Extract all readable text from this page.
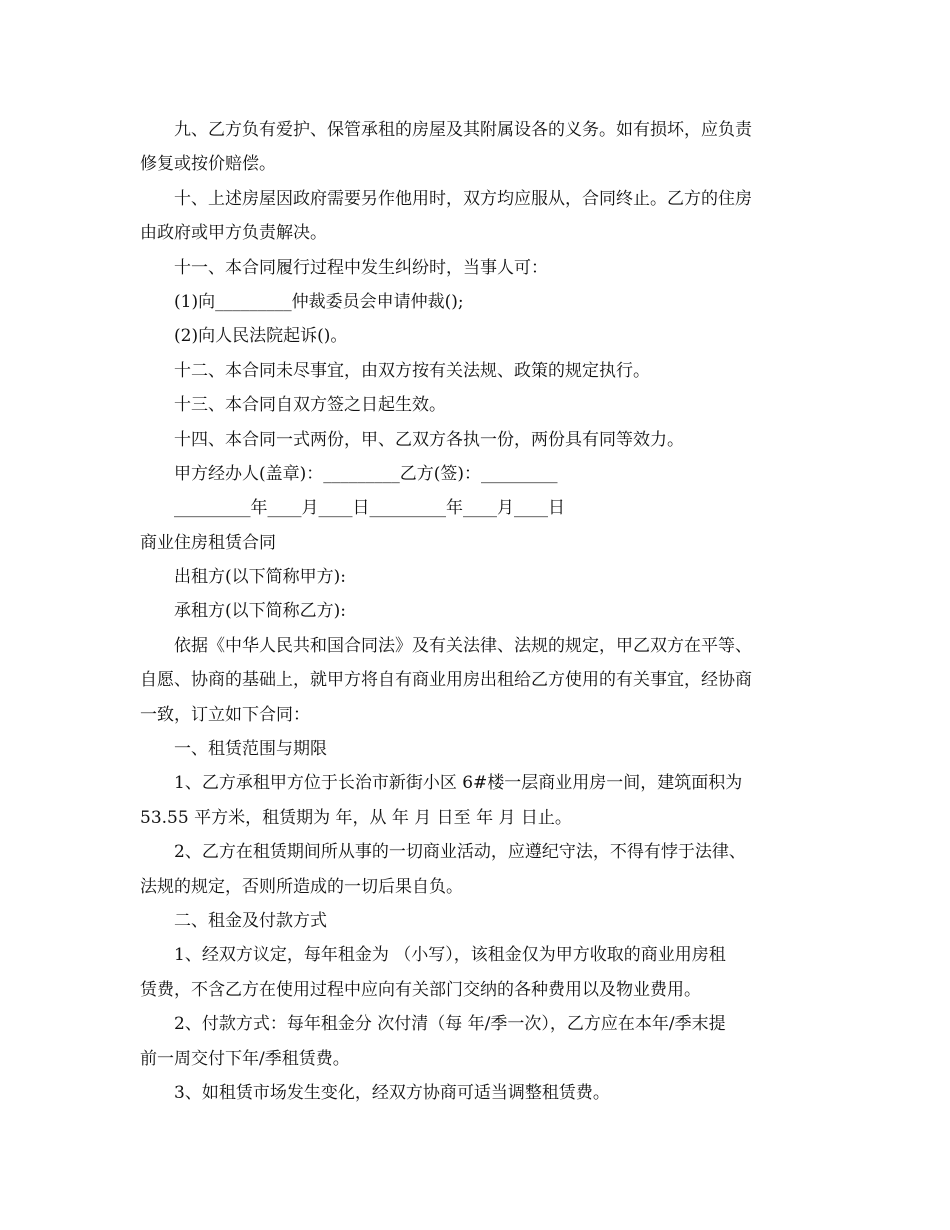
九、乙方负有爱护、保管承租的房屋及其附属设各的义务。如有损坏，应负责
修复或按价赔偿。
十、上述房屋因政府需要另作他用时，双方均应服从，合同终止。乙方的住房
由政府或甲方负责解决。
十一、本合同履行过程中发生纠纷时，当事人可：
(1)向_________仲裁委员会申请仲裁();
(2)向人民法院起诉()。
十二、本合同未尽事宜，由双方按有关法规、政策的规定执行。
十三、本合同自双方签之日起生效。
十四、本合同一式两份，甲、乙双方各执一份，两份具有同等效力。
甲方经办人(盖章)：_________乙方(签)：_________
_________年____月____日_________年____月____日
商业住房租赁合同
出租方(以下简称甲方):
承租方(以下简称乙方):
依据《中华人民共和国合同法》及有关法律、法规的规定，甲乙双方在平等、
自愿、协商的基础上，就甲方将自有商业用房出租给乙方使用的有关事宜，经协商
一致，订立如下合同：
一、租赁范围与期限
1、乙方承租甲方位于长治市新街小区 6#楼一层商业用房一间，建筑面积为
53.55 平方米，租赁期为 年，从 年 月 日至 年 月 日止。
2、乙方在租赁期间所从事的一切商业活动，应遵纪守法，不得有悖于法律、
法规的规定，否则所造成的一切后果自负。
二、租金及付款方式
1、经双方议定，每年租金为 （小写），该租金仅为甲方收取的商业用房租
赁费，不含乙方在使用过程中应向有关部门交纳的各种费用以及物业费用。
2、付款方式：每年租金分 次付清（每 年/季一次），乙方应在本年/季末提
前一周交付下年/季租赁费。
3、如租赁市场发生变化，经双方协商可适当调整租赁费。
